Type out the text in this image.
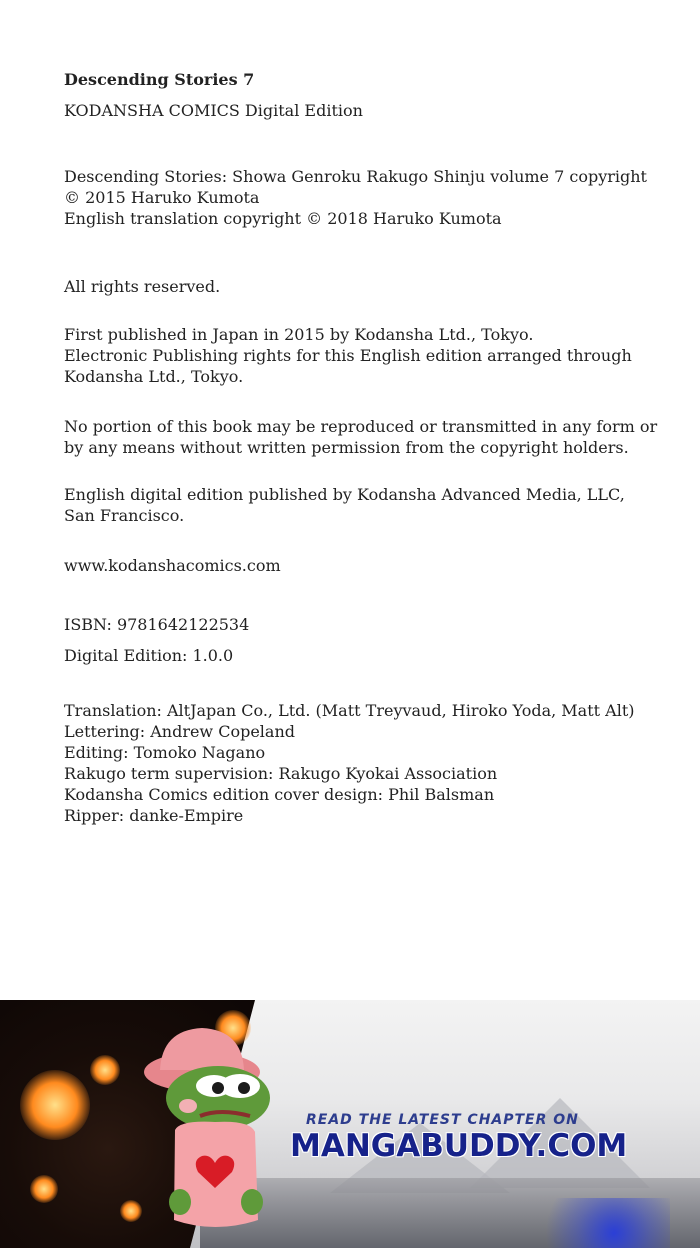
Descending Stories 7
KODANSHA COMICS Digital Edition
Descending Stories: Showa Genroku Rakugo Shinju volume 7 copyright
© 2015 Haruko Kumota
English translation copyright © 2018 Haruko Kumota
All rights reserved.
First published in Japan in 2015 by Kodansha Ltd., Tokyo.
Electronic Publishing rights for this English edition arranged through
Kodansha Ltd., Tokyo.
No portion of this book may be reproduced or transmitted in any form or
by any means without written permission from the copyright holders.
English digital edition published by Kodansha Advanced Media, LLC,
San Francisco.
www.kodanshacomics.com
ISBN: 9781642122534
Digital Edition: 1.0.0
Translation: AltJapan Co., Ltd. (Matt Treyvaud, Hiroko Yoda, Matt Alt)
Lettering: Andrew Copeland
Editing: Tomoko Nagano
Rakugo term supervision: Rakugo Kyokai Association
Kodansha Comics edition cover design: Phil Balsman
Ripper: danke-Empire
READ THE LATEST CHAPTER ON
MANGABUDDY.COM
